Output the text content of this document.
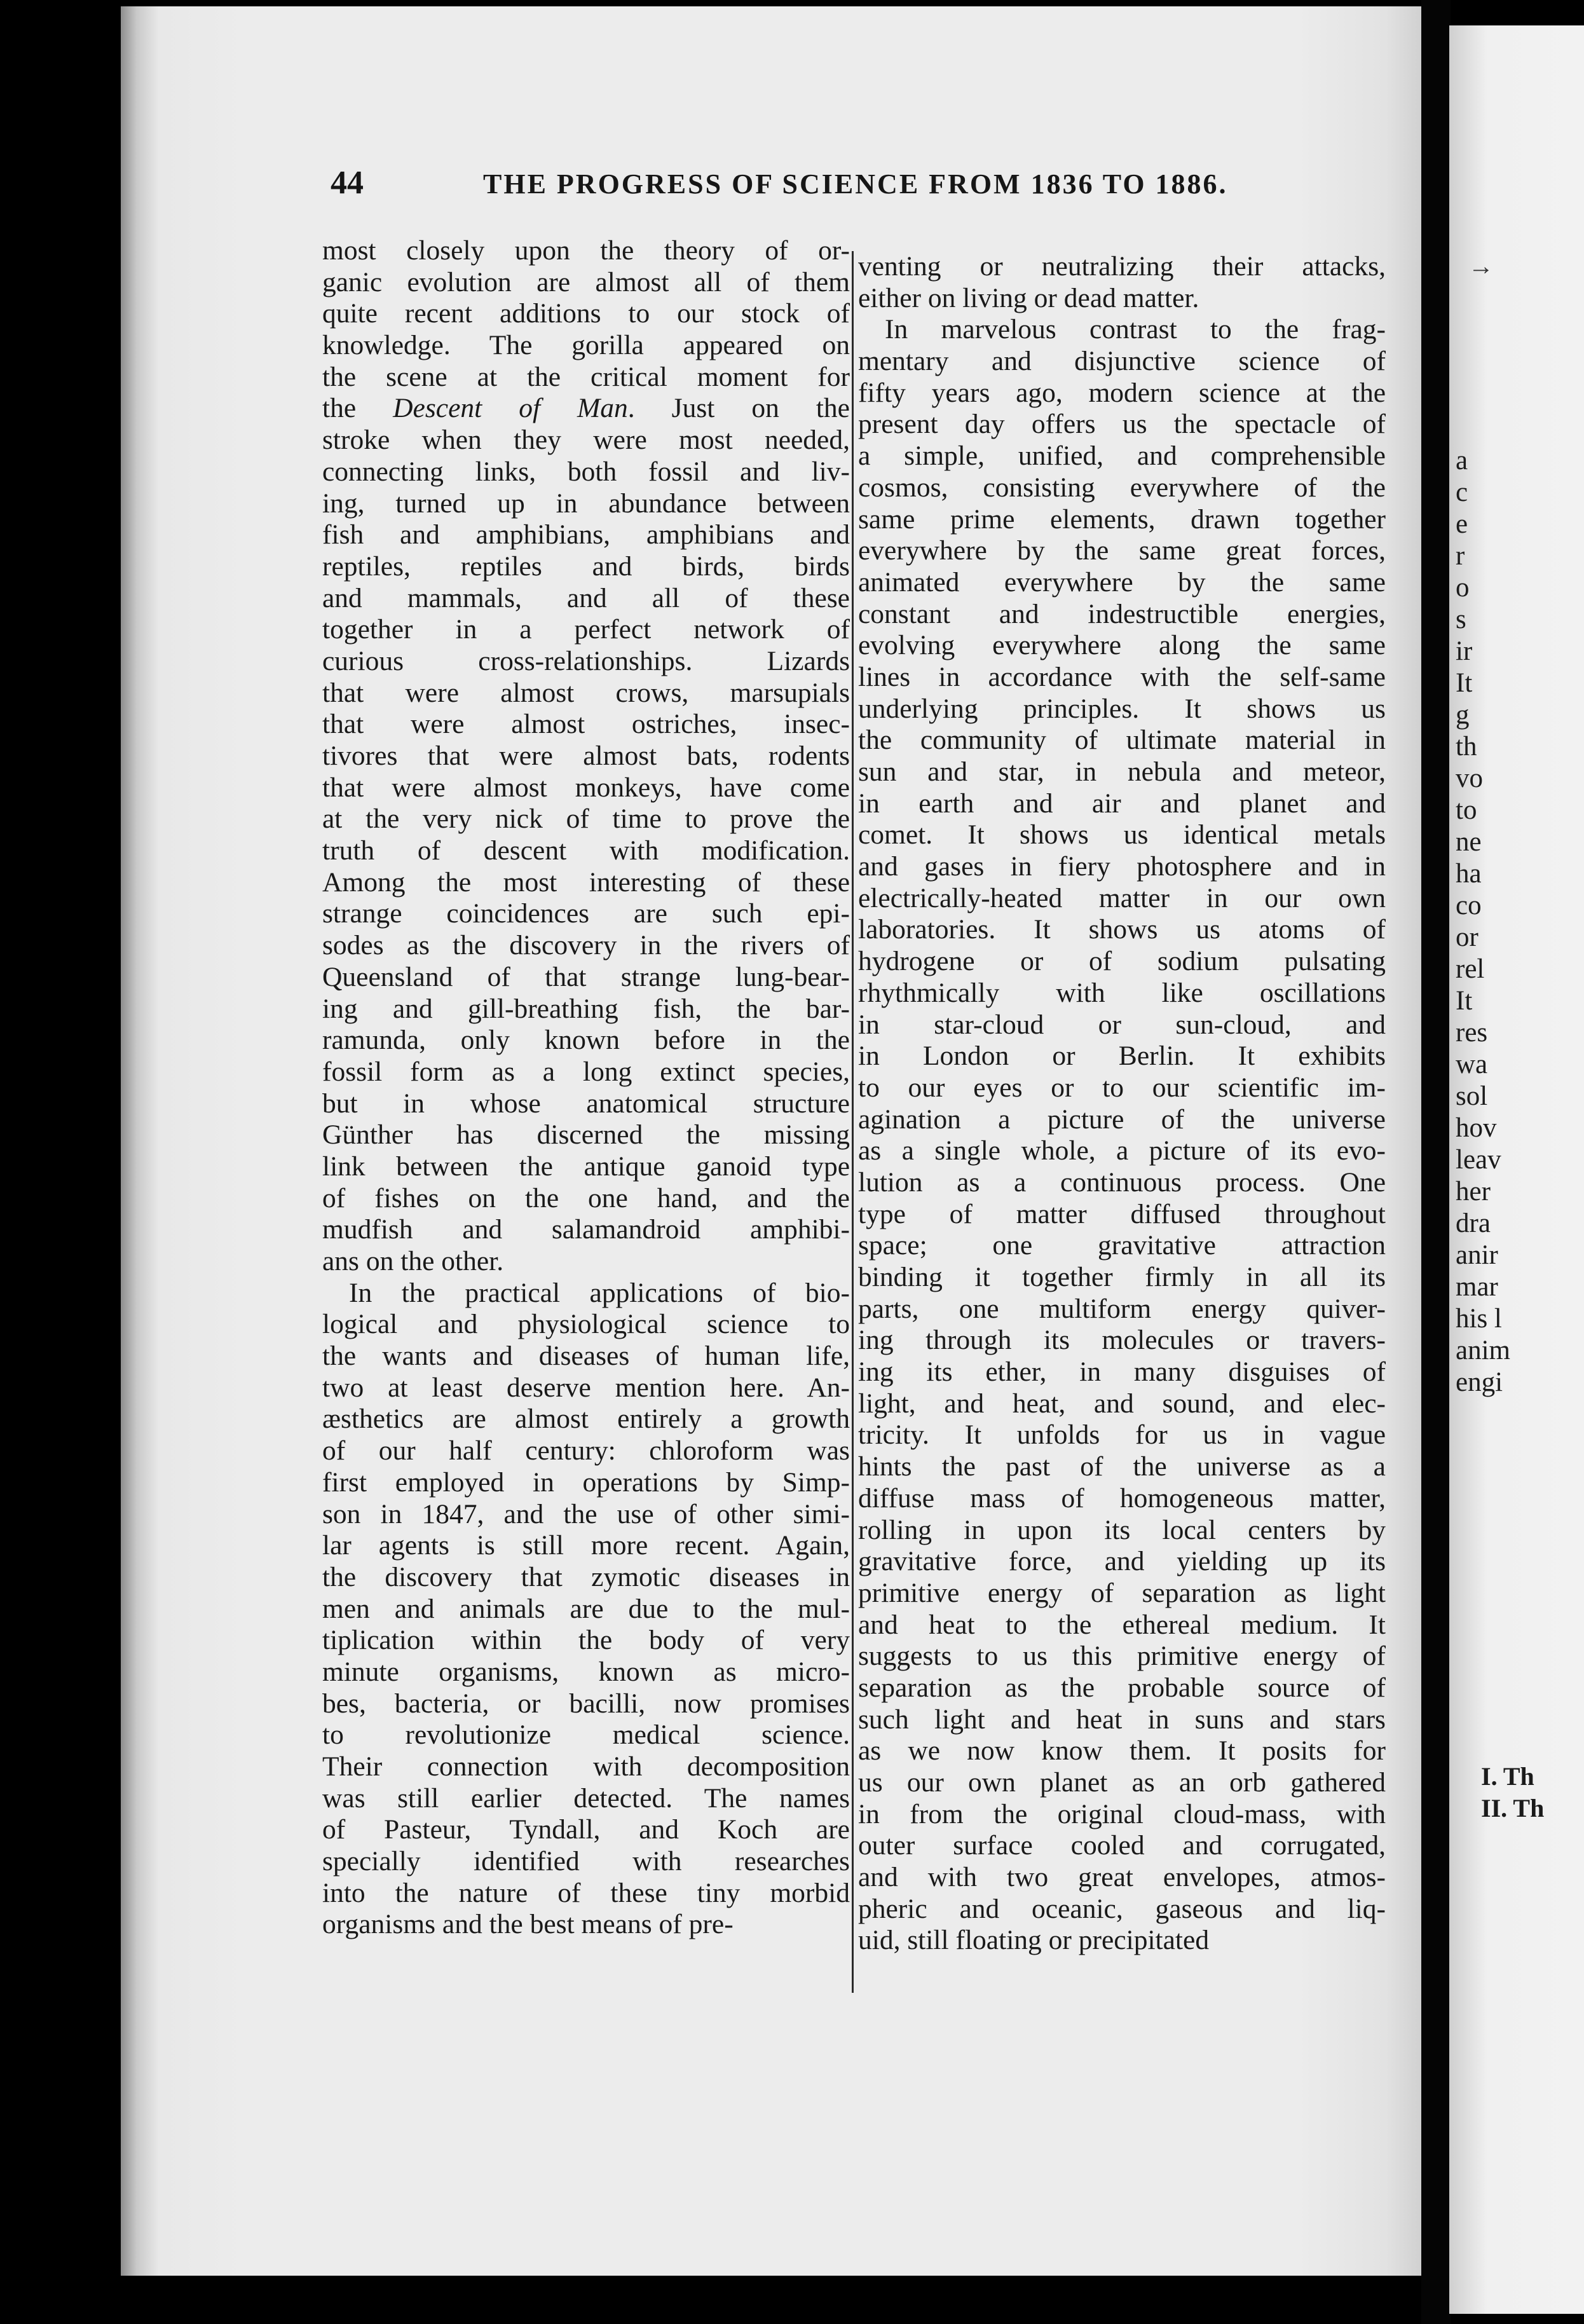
44	THE PROGRESS OF SCIENCE FROM 1836 TO 1886.
most closely upon the theory of or-
ganic evolution are almost all of them
quite recent additions to our stock of
knowledge. The gorilla appeared on
the scene at the critical moment for
the Descent of Man. Just on the
stroke when they were most needed,
connecting links, both fossil and liv-
ing, turned up in abundance between
fish and amphibians, amphibians and
reptiles, reptiles and birds, birds
and mammals, and all of these
together in a perfect network of
curious cross-relationships. Lizards
that were almost crows, marsupials
that were almost ostriches, insec-
tivores that were almost bats, rodents
that were almost monkeys, have come
at the very nick of time to prove the
truth of descent with modification.
Among the most interesting of these
strange coincidences are such epi-
sodes as the discovery in the rivers of
Queensland of that strange lung-bear-
ing and gill-breathing fish, the bar-
ramunda, only known before in the
fossil form as a long extinct species,
but in whose anatomical structure
Günther has discerned the missing
link between the antique ganoid type
of fishes on the one hand, and the
mudfish and salamandroid amphibi-
ans on the other.
In the practical applications of bio-
logical and physiological science to
the wants and diseases of human life,
two at least deserve mention here. An-
æsthetics are almost entirely a growth
of our half century: chloroform was
first employed in operations by Simp-
son in 1847, and the use of other simi-
lar agents is still more recent. Again,
the discovery that zymotic diseases in
men and animals are due to the mul-
tiplication within the body of very
minute organisms, known as micro-
bes, bacteria, or bacilli, now promises
to revolutionize medical science.
Their connection with decomposition
was still earlier detected. The names
of Pasteur, Tyndall, and Koch are
specially identified with researches
into the nature of these tiny morbid
organisms and the best means of pre-
venting or neutralizing their attacks,
either on living or dead matter.
In marvelous contrast to the frag-
mentary and disjunctive science of
fifty years ago, modern science at the
present day offers us the spectacle of
a simple, unified, and comprehensible
cosmos, consisting everywhere of the
same prime elements, drawn together
everywhere by the same great forces,
animated everywhere by the same
constant and indestructible energies,
evolving everywhere along the same
lines in accordance with the self-same
underlying principles. It shows us
the community of ultimate material in
sun and star, in nebula and meteor,
in earth and air and planet and
comet. It shows us identical metals
and gases in fiery photosphere and in
electrically-heated matter in our own
laboratories. It shows us atoms of
hydrogene or of sodium pulsating
rhythmically with like oscillations
in star-cloud or sun-cloud, and
in London or Berlin. It exhibits
to our eyes or to our scientific im-
agination a picture of the universe
as a single whole, a picture of its evo-
lution as a continuous process. One
type of matter diffused throughout
space; one gravitative attraction
binding it together firmly in all its
parts, one multiform energy quiver-
ing through its molecules or travers-
ing its ether, in many disguises of
light, and heat, and sound, and elec-
tricity. It unfolds for us in vague
hints the past of the universe as a
diffuse mass of homogeneous matter,
rolling in upon its local centers by
gravitative force, and yielding up its
primitive energy of separation as light
and heat to the ethereal medium. It
suggests to us this primitive energy of
separation as the probable source of
such light and heat in suns and stars
as we now know them. It posits for
us our own planet as an orb gathered
in from the original cloud-mass, with
outer surface cooled and corrugated,
and with two great envelopes, atmos-
pheric and oceanic, gaseous and liq-
uid, still floating or precipitated
a
c
e
r
o
s
ir
It
g
th
vo
to
ne
ha
co
or
rel
It
res
wa
sol
hov
leav
her
dra
anir
mar
his l
anim
engi
I. Th
II. Th
→
